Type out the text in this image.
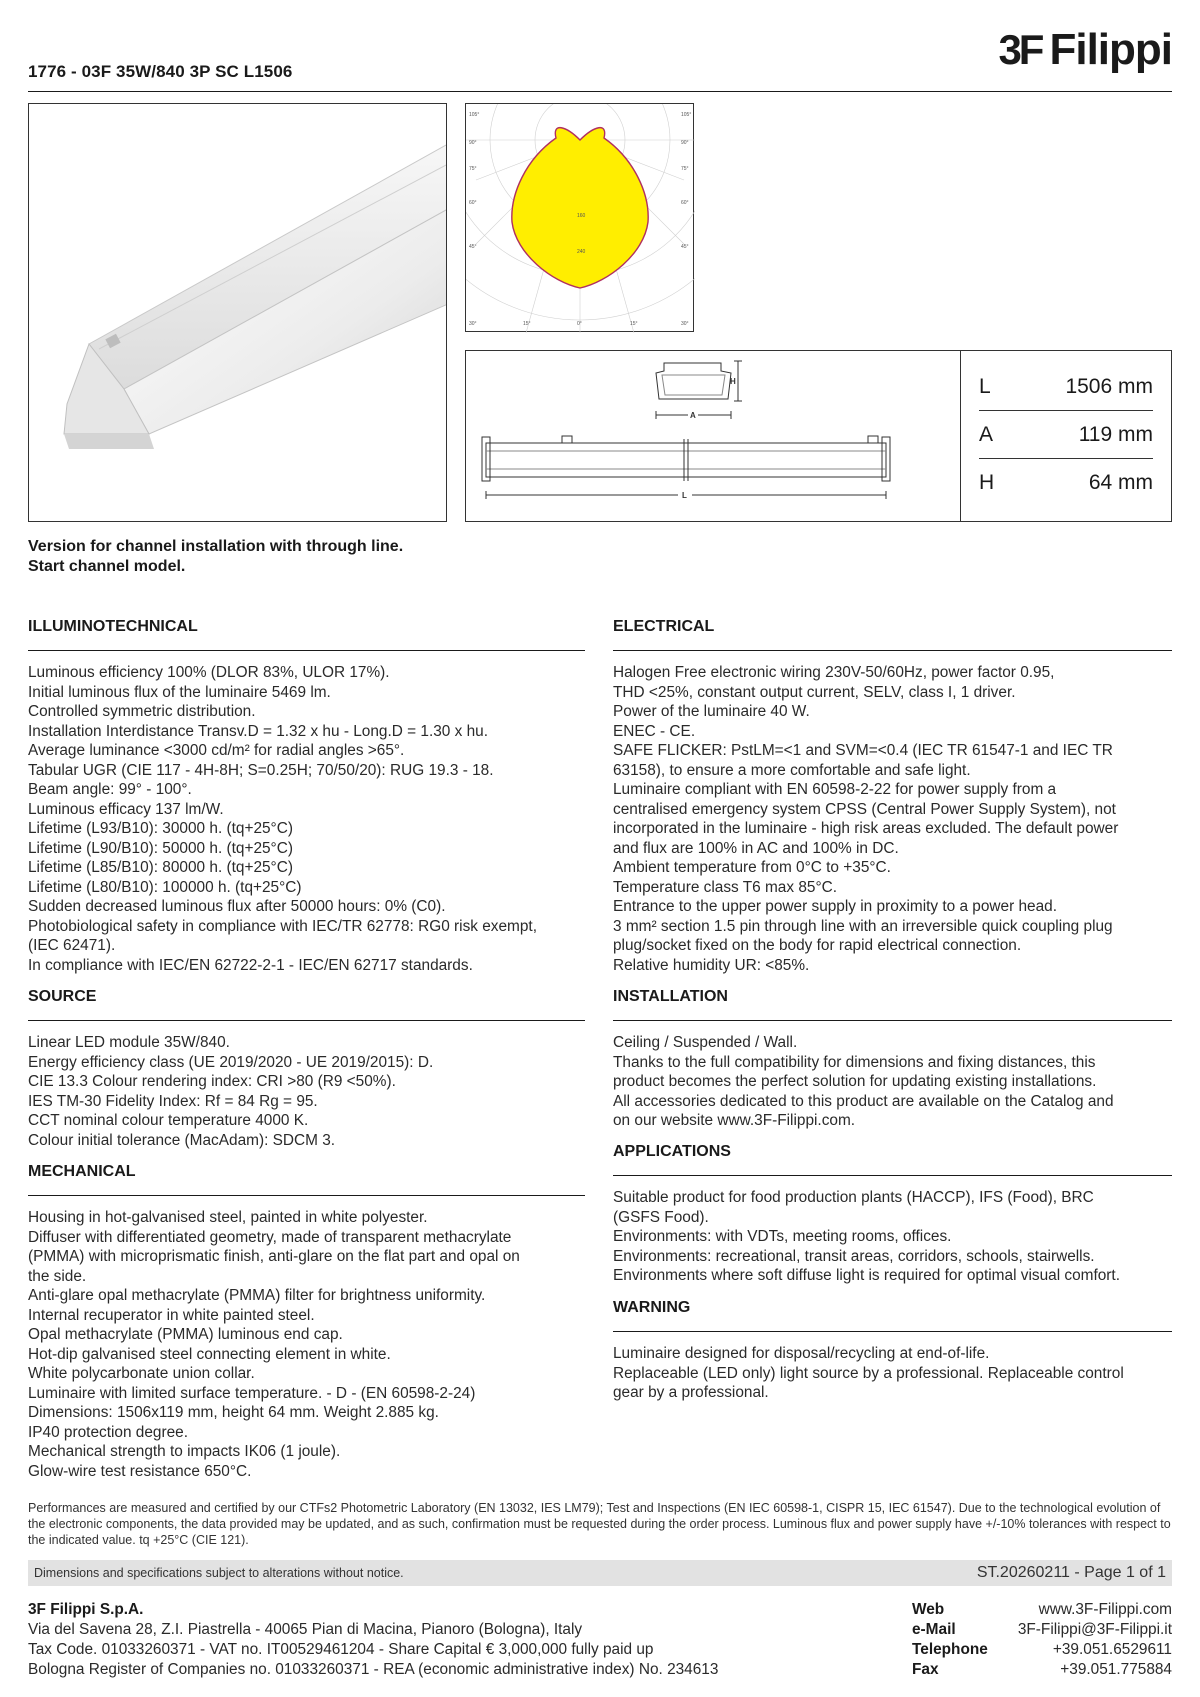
1776 - 03F 35W/840 3P SC L1506	3F Filippi
105°
90°
75°
60°
45°
105°
90°
75°
60°
45°
30°	15°	0°	15°	30°
160
240
H
A
L
L	1506 mm
A	119 mm
H	64 mm
Version for channel installation with through line.
Start channel model.
ILLUMINOTECHNICAL

Luminous efficiency 100% (DLOR 83%, ULOR 17%).

Initial luminous flux of the luminaire 5469 lm.

Controlled symmetric distribution.

Installation Interdistance Transv.D = 1.32 x hu - Long.D = 1.30 x hu.

Average luminance <3000 cd/m² for radial angles >65°.

Tabular UGR (CIE 117 - 4H-8H; S=0.25H; 70/50/20): RUG 19.3 - 18.

Beam angle: 99° - 100°.

Luminous efficacy 137 lm/W.

Lifetime (L93/B10): 30000 h. (tq+25°C)

Lifetime (L90/B10): 50000 h. (tq+25°C)

Lifetime (L85/B10): 80000 h. (tq+25°C)

Lifetime (L80/B10): 100000 h. (tq+25°C)

Sudden decreased luminous flux after 50000 hours: 0% (C0).

Photobiological safety in compliance with IEC/TR 62778: RG0 risk exempt,

(IEC 62471).

In compliance with IEC/EN 62722-2-1 - IEC/EN 62717 standards.

SOURCE

Linear LED module 35W/840.

Energy efficiency class (UE 2019/2020 - UE 2019/2015): D.

CIE 13.3 Colour rendering index: CRI >80 (R9 <50%).

IES TM-30 Fidelity Index: Rf = 84 Rg = 95.

CCT nominal colour temperature 4000 K.

Colour initial tolerance (MacAdam): SDCM 3.

MECHANICAL

Housing in hot-galvanised steel, painted in white polyester.

Diffuser with differentiated geometry, made of transparent methacrylate

(PMMA) with microprismatic finish, anti-glare on the flat part and opal on

the side.

Anti-glare opal methacrylate (PMMA) filter for brightness uniformity.

Internal recuperator in white painted steel.

Opal methacrylate (PMMA) luminous end cap.

Hot-dip galvanised steel connecting element in white.

White polycarbonate union collar.

Luminaire with limited surface temperature. - D - (EN 60598-2-24)

Dimensions: 1506x119 mm, height 64 mm. Weight 2.885 kg.

IP40 protection degree.

Mechanical strength to impacts IK06 (1 joule).

Glow-wire test resistance 650°C.

ELECTRICAL

Halogen Free electronic wiring 230V-50/60Hz, power factor 0.95,

THD <25%, constant output current, SELV, class I, 1 driver.

Power of the luminaire 40 W.

ENEC - CE.

SAFE FLICKER: PstLM=<1 and SVM=<0.4 (IEC TR 61547-1 and IEC TR

63158), to ensure a more comfortable and safe light.

Luminaire compliant with EN 60598-2-22 for power supply from a

centralised emergency system CPSS (Central Power Supply System), not

incorporated in the luminaire - high risk areas excluded. The default power

and flux are 100% in AC and 100% in DC.

Ambient temperature from 0°C to +35°C.

Temperature class T6 max 85°C.

Entrance to the upper power supply in proximity to a power head.

3 mm² section 1.5 pin through line with an irreversible quick coupling plug

plug/socket fixed on the body for rapid electrical connection.

Relative humidity UR: <85%.

INSTALLATION

Ceiling / Suspended / Wall.

Thanks to the full compatibility for dimensions and fixing distances, this

product becomes the perfect solution for updating existing installations.

All accessories dedicated to this product are available on the Catalog and

on our website www.3F-Filippi.com.

APPLICATIONS

Suitable product for food production plants (HACCP), IFS (Food), BRC

(GSFS Food).

Environments: with VDTs, meeting rooms, offices.

Environments: recreational, transit areas, corridors, schools, stairwells.

Environments where soft diffuse light is required for optimal visual comfort.

WARNING

Luminaire designed for disposal/recycling at end-of-life.

Replaceable (LED only) light source by a professional. Replaceable control

gear by a professional.

Performances are measured and certified by our CTFs2 Photometric Laboratory (EN 13032, IES LM79); Test and Inspections (EN IEC 60598-1, CISPR 15, IEC 61547). Due to the technological evolution of the electronic components, the data provided may be updated, and as such, confirmation must be requested during the order process. Luminous flux and power supply have +/-10% tolerances with respect to the indicated value. tq +25°C (CIE 121).
Dimensions and specifications subject to alterations without notice.	ST.20260211 - Page 1 of 1
3F Filippi S.p.A.
Via del Savena 28, Z.I. Piastrella - 40065 Pian di Macina, Pianoro (Bologna), Italy
Tax Code. 01033260371 - VAT no. IT00529461204 - Share Capital € 3,000,000 fully paid up
Bologna Register of Companies no. 01033260371 - REA (economic administrative index) No. 234613
Web	www.3F-Filippi.com
e-Mail	3F-Filippi@3F-Filippi.it
Telephone	+39.051.6529611
Fax	+39.051.775884
